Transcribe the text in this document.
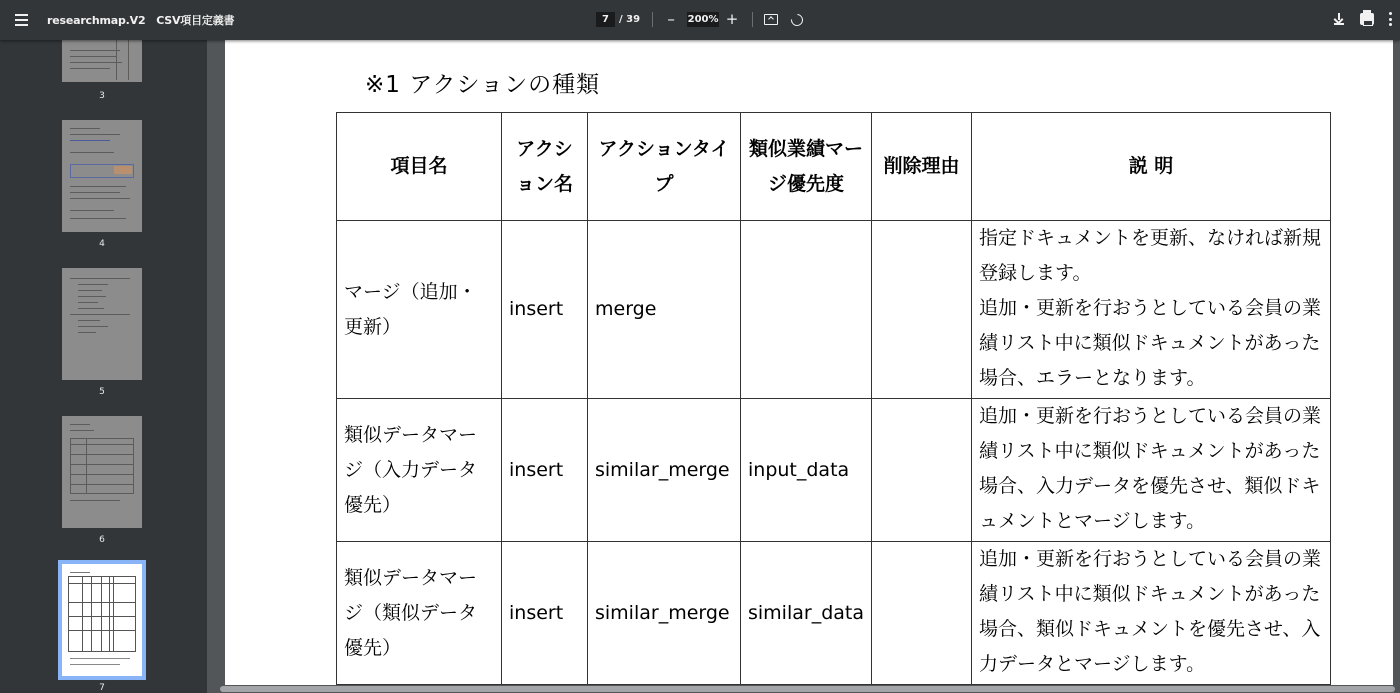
researchmap.V2　CSV項目定義書	7	/ 39 –	200% +
3
4
5
6
7
※1 アクションの種類
項目名	アクション名	アクションタイプ	類似業績マージ優先度	削除理由	説 明
マージ（追加・更新）	insert	merge			指定ドキュメントを更新、なければ新規登録します。
追加・更新を行おうとしている会員の業績リスト中に類似ドキュメントがあった場合、エラーとなります。
類似データマージ（入力データ優先）	insert	similar_merge	input_data		追加・更新を行おうとしている会員の業績リスト中に類似ドキュメントがあった場合、入力データを優先させ、類似ドキュメントとマージします。
類似データマージ（類似データ優先）	insert	similar_merge	similar_data		追加・更新を行おうとしている会員の業績リスト中に類似ドキュメントがあった場合、類似ドキュメントを優先させ、入力データとマージします。
